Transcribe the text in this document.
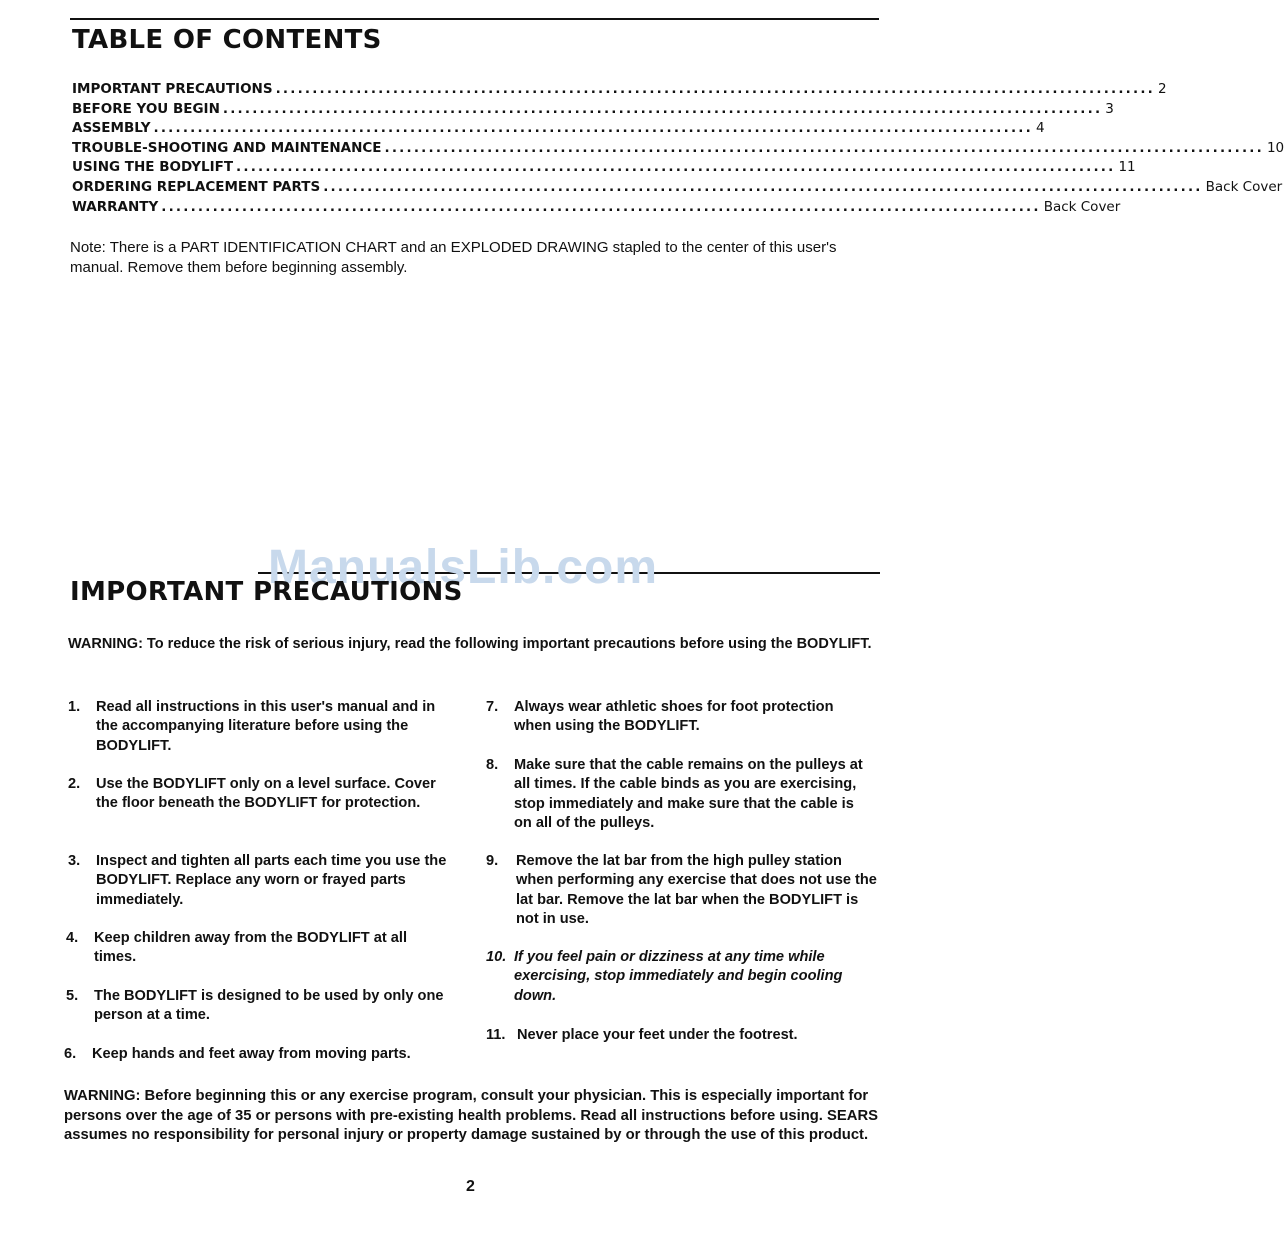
TABLE OF CONTENTS
IMPORTANT PRECAUTIONS ........................................................................................................................ 2
BEFORE YOU BEGIN ........................................................................................................................ 3
ASSEMBLY ........................................................................................................................ 4
TROUBLE-SHOOTING AND MAINTENANCE ........................................................................................................................ 10
USING THE BODYLIFT ........................................................................................................................ 11
ORDERING REPLACEMENT PARTS ........................................................................................................................ Back Cover
WARRANTY ........................................................................................................................ Back Cover

Note: There is a PART IDENTIFICATION CHART and an EXPLODED DRAWING stapled to the center of this user's manual. Remove them before beginning assembly.

ManualsLib.com
IMPORTANT PRECAUTIONS
WARNING: To reduce the risk of serious injury, read the following important precautions before using the BODYLIFT.
1. Read all instructions in this user's manual and in the accompanying literature before using the BODYLIFT.
2. Use the BODYLIFT only on a level surface. Cover the floor beneath the BODYLIFT for protection.
3. Inspect and tighten all parts each time you use the BODYLIFT. Replace any worn or frayed parts immediately.
4. Keep children away from the BODYLIFT at all times.
5. The BODYLIFT is designed to be used by only one person at a time.
6. Keep hands and feet away from moving parts.
7. Always wear athletic shoes for foot protection when using the BODYLIFT.
8. Make sure that the cable remains on the pulleys at all times. If the cable binds as you are exercising, stop immediately and make sure that the cable is on all of the pulleys.
9. Remove the lat bar from the high pulley station when performing any exercise that does not use the lat bar. Remove the lat bar when the BODYLIFT is not in use.
10. If you feel pain or dizziness at any time while exercising, stop immediately and begin cooling down.
11. Never place your feet under the footrest.
WARNING: Before beginning this or any exercise program, consult your physician. This is especially important for persons over the age of 35 or persons with pre-existing health problems. Read all instructions before using. SEARS assumes no responsibility for personal injury or property damage sustained by or through the use of this product.
2
